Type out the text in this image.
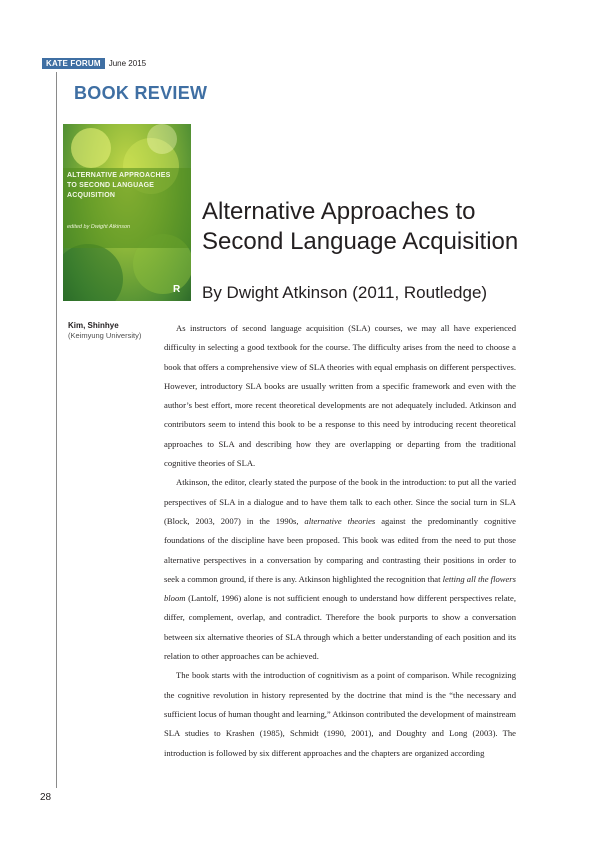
KATE FORUM	June 2015
BOOK REVIEW
ALTERNATIVE APPROACHES
TO SECOND LANGUAGE
ACQUISITION
edited by Dwight Atkinson
R
Alternative Approaches to
Second Language Acquisition
By Dwight Atkinson (2011, Routledge)
Kim, Shinhye
(Keimyung University)

As instructors of second language acquisition (SLA) courses, we may all have experienced difficulty in selecting a good textbook for the course. The difficulty arises from the need to choose a book that offers a comprehensive view of SLA theories with equal emphasis on different perspectives. However, introductory SLA books are usually written from a specific framework and even with the author’s best effort, more recent theoretical developments are not adequately included. Atkinson and contributors seem to intend this book to be a response to this need by introducing recent theoretical approaches to SLA and describing how they are overlapping or departing from the traditional cognitive theories of SLA.

Atkinson, the editor, clearly stated the purpose of the book in the introduction: to put all the varied perspectives of SLA in a dialogue and to have them talk to each other. Since the social turn in SLA (Block, 2003, 2007) in the 1990s, alternative theories against the predominantly cognitive foundations of the discipline have been proposed. This book was edited from the need to put those alternative perspectives in a conversation by comparing and contrasting their positions in order to seek a common ground, if there is any. Atkinson highlighted the recognition that letting all the flowers bloom (Lantolf, 1996) alone is not sufficient enough to understand how different perspectives relate, differ, complement, overlap, and contradict. Therefore the book purports to show a conversation between six alternative theories of SLA through which a better understanding of each position and its relation to other approaches can be achieved.

The book starts with the introduction of cognitivism as a point of comparison. While recognizing the cognitive revolution in history represented by the doctrine that mind is the “the necessary and sufficient locus of human thought and learning,” Atkinson contributed the development of mainstream SLA studies to Krashen (1985), Schmidt (1990, 2001), and Doughty and Long (2003). The introduction is followed by six different approaches and the chapters are organized according

28
